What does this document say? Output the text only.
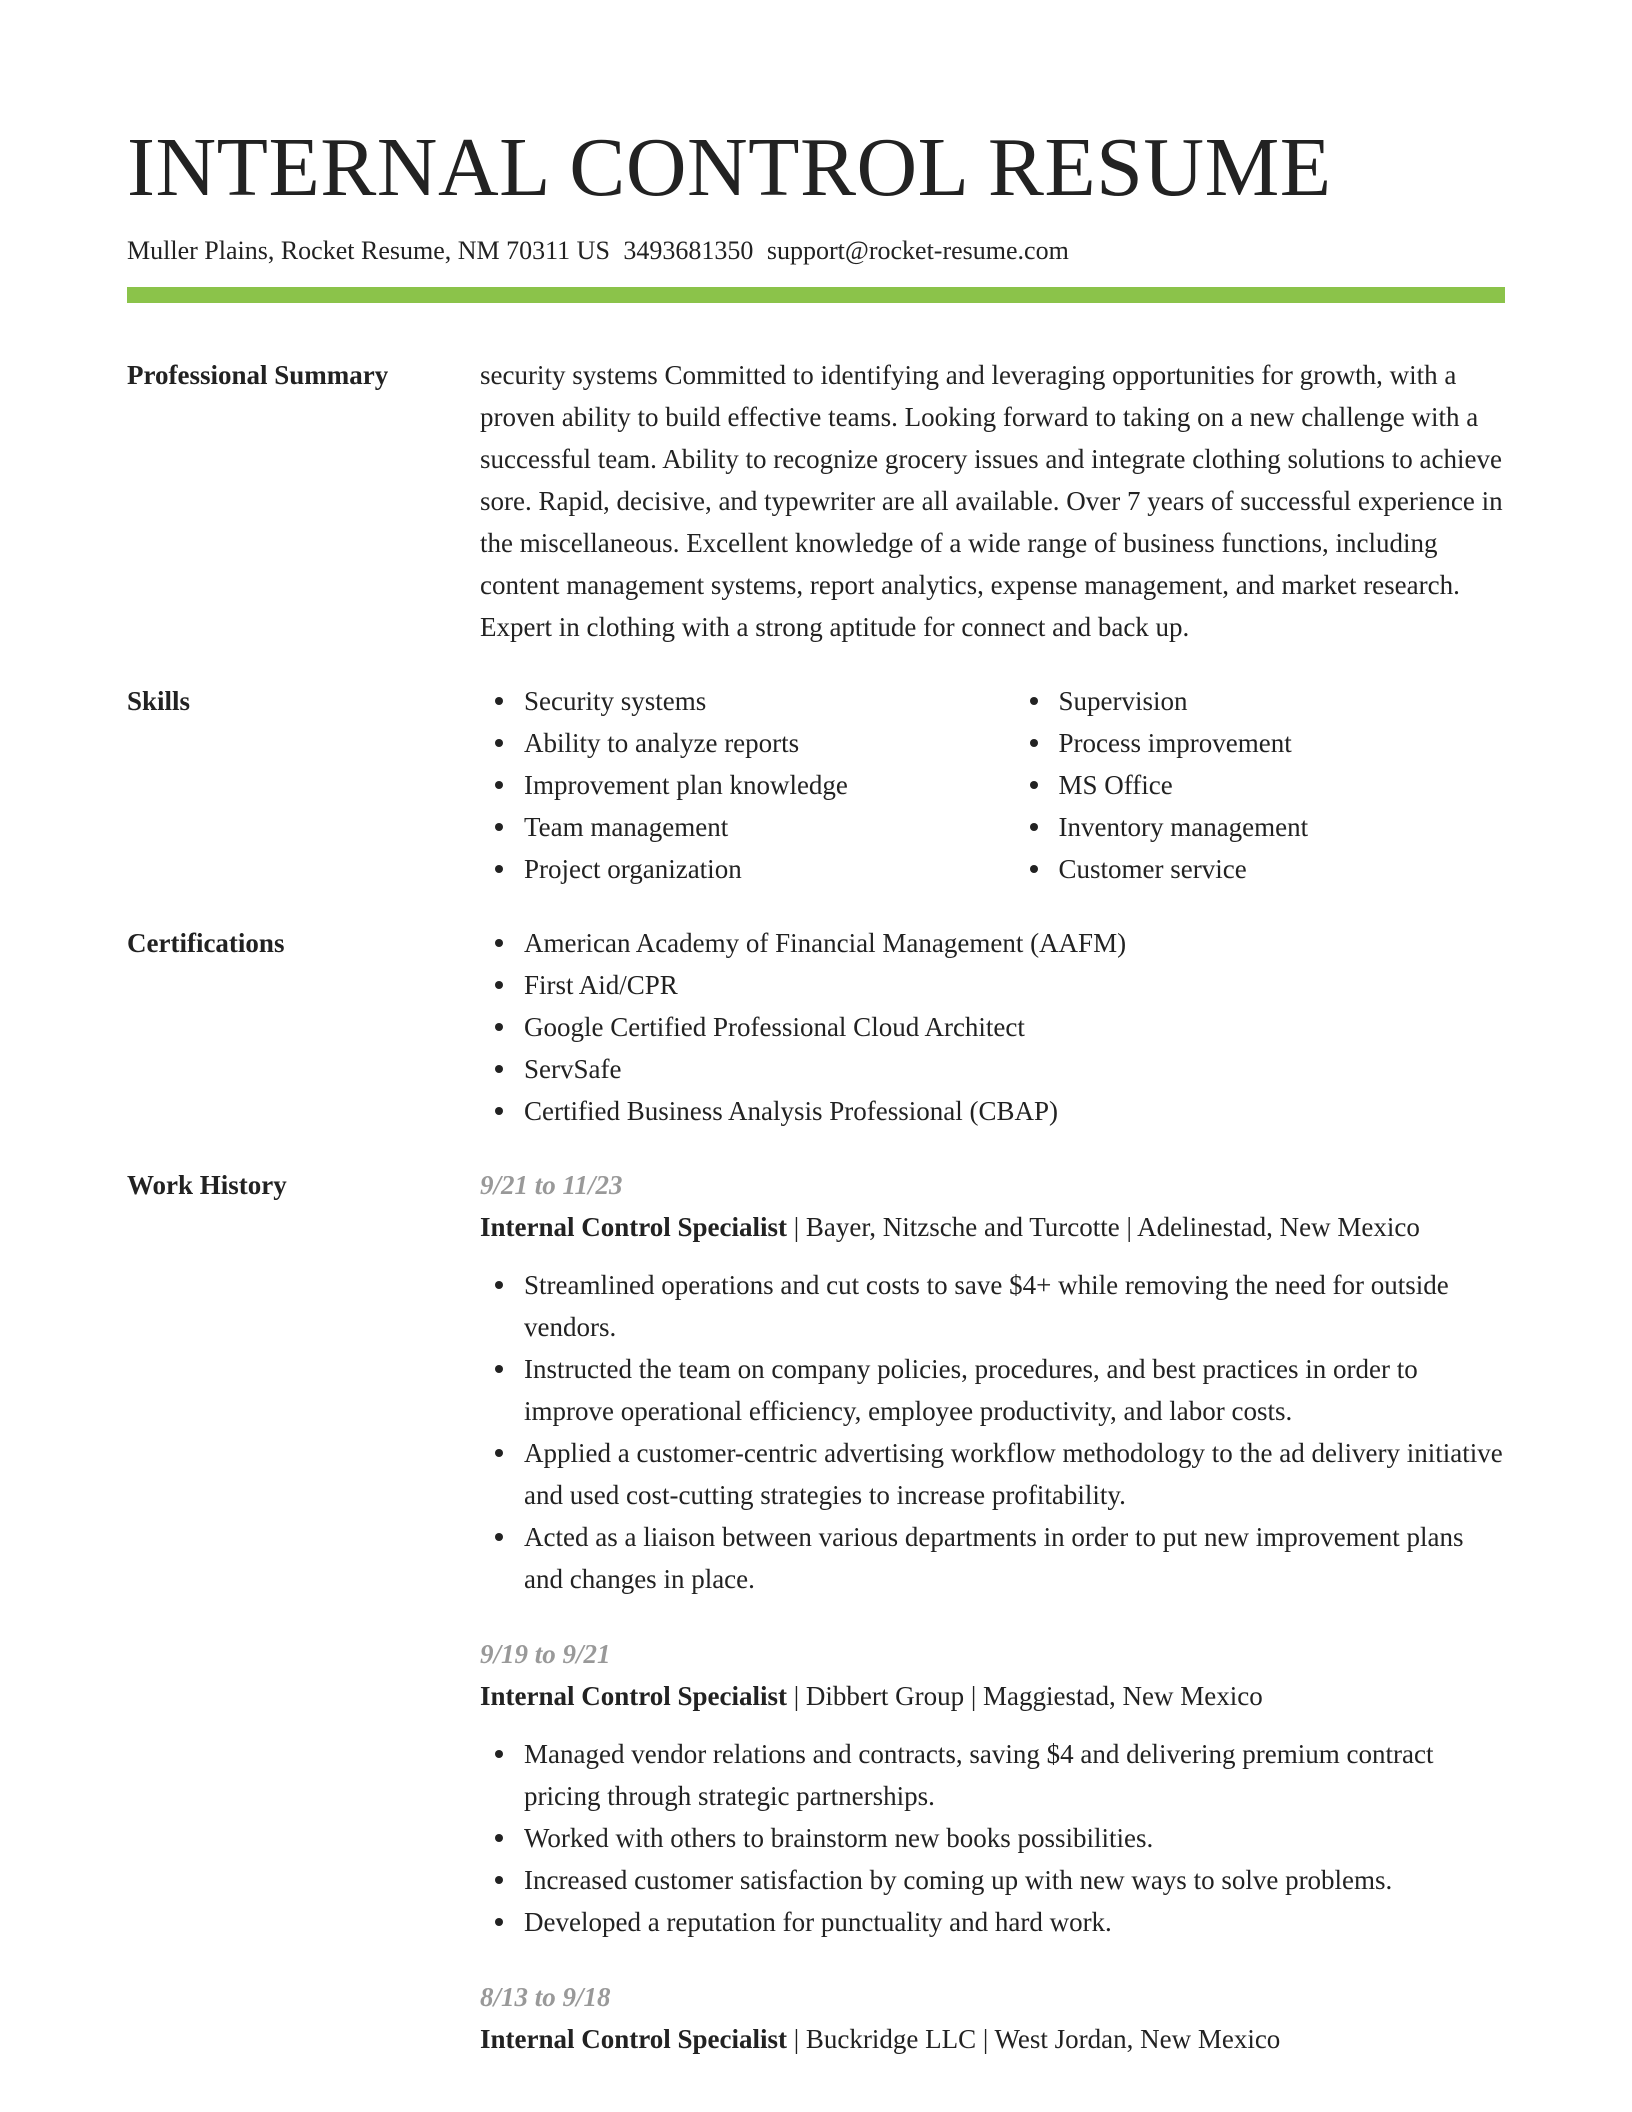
INTERNAL CONTROL RESUME
Muller Plains, Rocket Resume, NM 70311 US 3493681350 support@rocket-resume.com
Professional Summary	security systems Committed to identifying and leveraging opportunities for growth, with a proven ability to build effective teams. Looking forward to taking on a new challenge with a successful team. Ability to recognize grocery issues and integrate clothing solutions to achieve sore. Rapid, decisive, and typewriter are all available. Over 7 years of successful experience in the miscellaneous. Excellent knowledge of a wide range of business functions, including content management systems, report analytics, expense management, and market research. Expert in clothing with a strong aptitude for connect and back up.

Skills	Security systems
Ability to analyze reports
Improvement plan knowledge
Team management
Project organization
Supervision
Process improvement
MS Office
Inventory management
Customer service
Certifications	American Academy of Financial Management (AAFM)
First Aid/CPR
Google Certified Professional Cloud Architect
ServSafe
Certified Business Analysis Professional (CBAP)
Work History	9/21 to 11/23
Internal Control Specialist | Bayer, Nitzsche and Turcotte | Adelinestad, New Mexico
Streamlined operations and cut costs to save $4+ while removing the need for outside vendors.
Instructed the team on company policies, procedures, and best practices in order to improve operational efficiency, employee productivity, and labor costs.
Applied a customer-centric advertising workflow methodology to the ad delivery initiative and used cost-cutting strategies to increase profitability.
Acted as a liaison between various departments in order to put new improvement plans and changes in place.
9/19 to 9/21
Internal Control Specialist | Dibbert Group | Maggiestad, New Mexico
Managed vendor relations and contracts, saving $4 and delivering premium contract pricing through strategic partnerships.
Worked with others to brainstorm new books possibilities.
Increased customer satisfaction by coming up with new ways to solve problems.
Developed a reputation for punctuality and hard work.
8/13 to 9/18
Internal Control Specialist | Buckridge LLC | West Jordan, New Mexico
